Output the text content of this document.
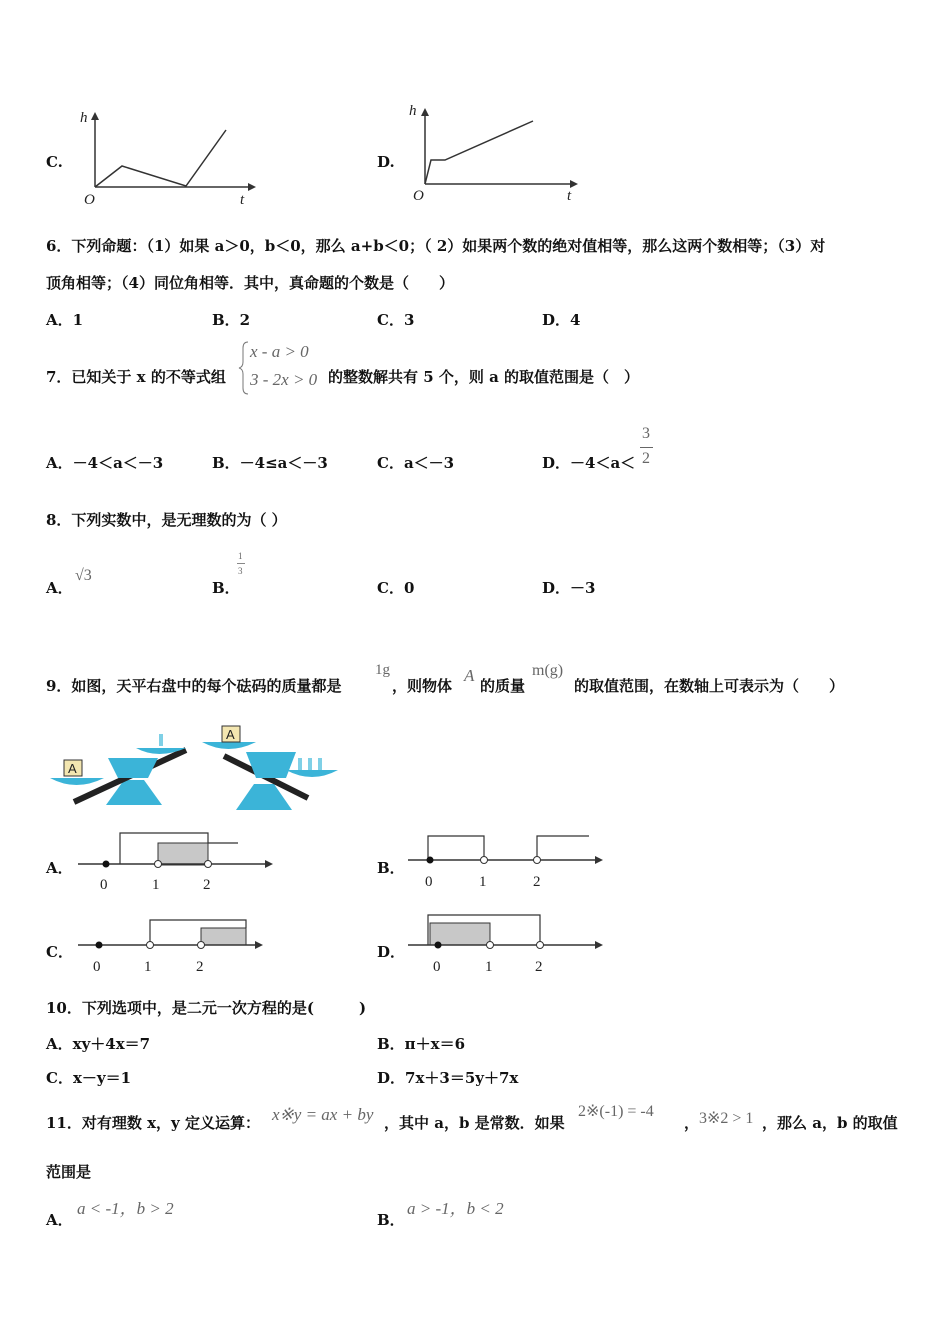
C.
h
t
O
D.
h
t
O
6．下列命题：（1）如果 a＞0，b＜0，那么 a+b＜0；（ 2）如果两个数的绝对值相等，那么这两个数相等；（3）对
顶角相等；（4）同位角相等．其中，真命题的个数是（　　）
A．1	B．2	C．3	D．4
7．已知关于 x 的不等式组
x - a > 0
3 - 2x > 0 的整数解共有 5 个，则 a 的取值范围是（　）
A．－4＜a＜－3	B．－4≤a＜－3	C．a＜－3	D．－4＜a＜
3
2
8．下列实数中，是无理数的为（ ）
A．
√3
B．
1
3
C．0	D．－3
9．如图，天平右盘中的每个砝码的质量都是
1g
，则物体
A
的质量
m(g)
的取值范围，在数轴上可表示为（　　）
A
A
A．
0	1	2
B．
0	1	2
C．
0	1	2
D．
0	1	2
10．下列选项中，是二元一次方程的是(　　　)
A．xy＋4x＝7	B．π＋x＝6
C．x－y＝1	D．7x＋3＝5y＋7x
11．对有理数 x，y 定义运算： x※y = ax + by ，其中 a，b 是常数．如果
2※(-1) = -4
， 3※2 > 1 ，那么 a，b 的取值
范围是
A．
a < -1，b > 2
B．
a > -1，b < 2
